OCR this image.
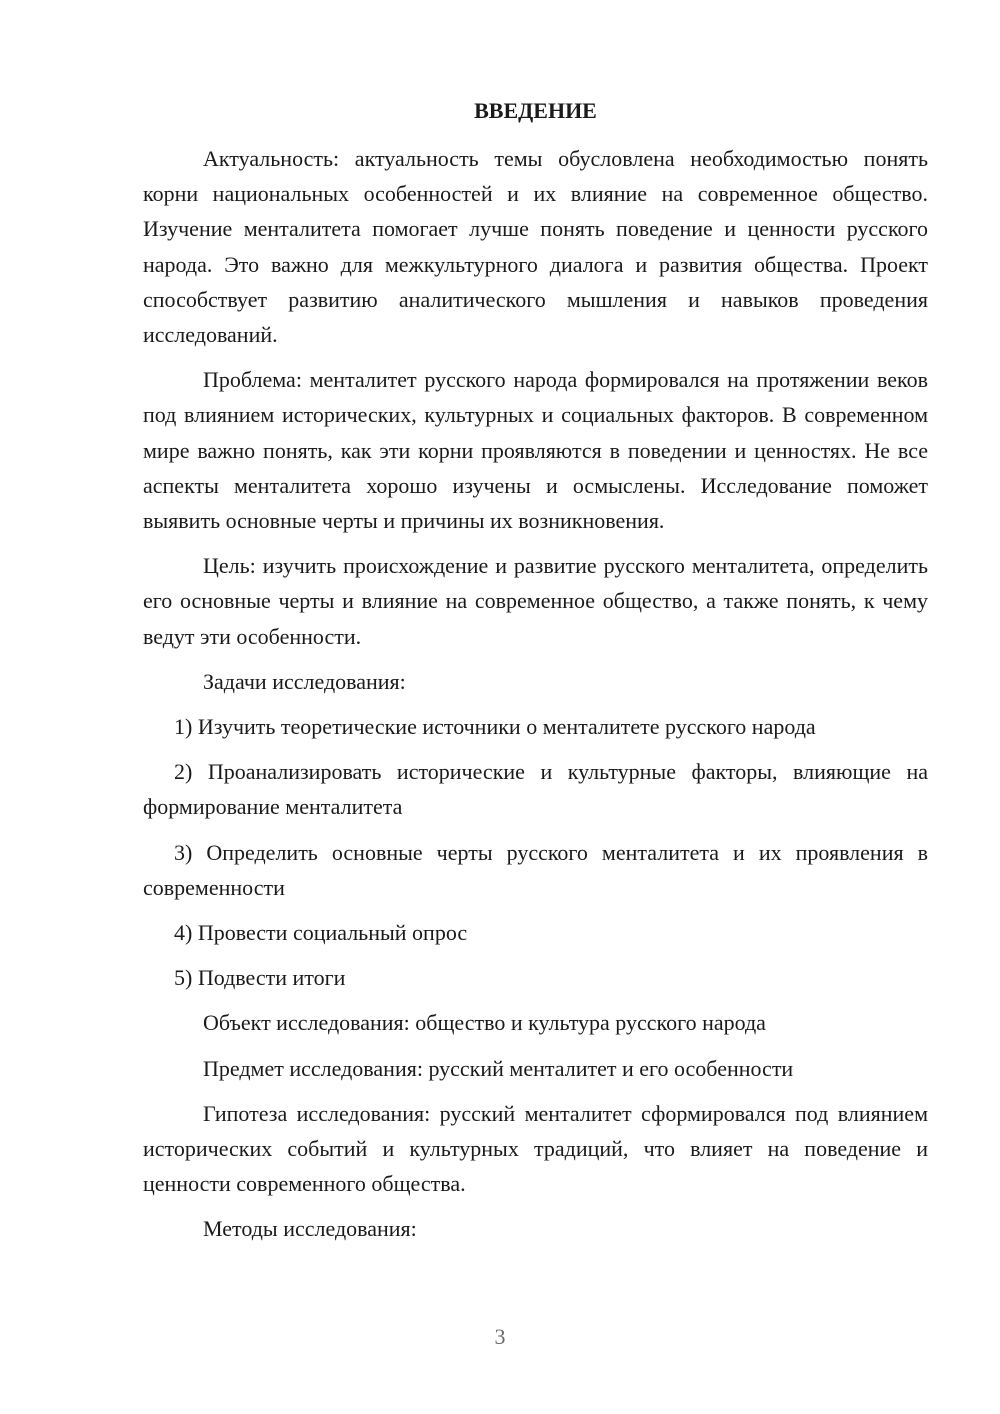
ВВЕДЕНИЕ
Актуальность: актуальность темы обусловлена необходимостью понять корни национальных особенностей и их влияние на современное общество. Изучение менталитета помогает лучше понять поведение и ценности русского народа. Это важно для межкультурного диалога и развития общества. Проект способствует развитию аналитического мышления и навыков проведения исследований.
Проблема: менталитет русского народа формировался на протяжении веков под влиянием исторических, культурных и социальных факторов. В современном мире важно понять, как эти корни проявляются в поведении и ценностях. Не все аспекты менталитета хорошо изучены и осмыслены. Исследование поможет выявить основные черты и причины их возникновения.
Цель: изучить происхождение и развитие русского менталитета, определить его основные черты и влияние на современное общество, а также понять, к чему ведут эти особенности.
Задачи исследования:
1) Изучить теоретические источники о менталитете русского народа
2) Проанализировать исторические и культурные факторы, влияющие на формирование менталитета
3) Определить основные черты русского менталитета и их проявления в современности
4) Провести социальный опрос
5) Подвести итоги
Объект исследования: общество и культура русского народа
Предмет исследования: русский менталитет и его особенности
Гипотеза исследования: русский менталитет сформировался под влиянием исторических событий и культурных традиций, что влияет на поведение и ценности современного общества.
Методы исследования:
3
